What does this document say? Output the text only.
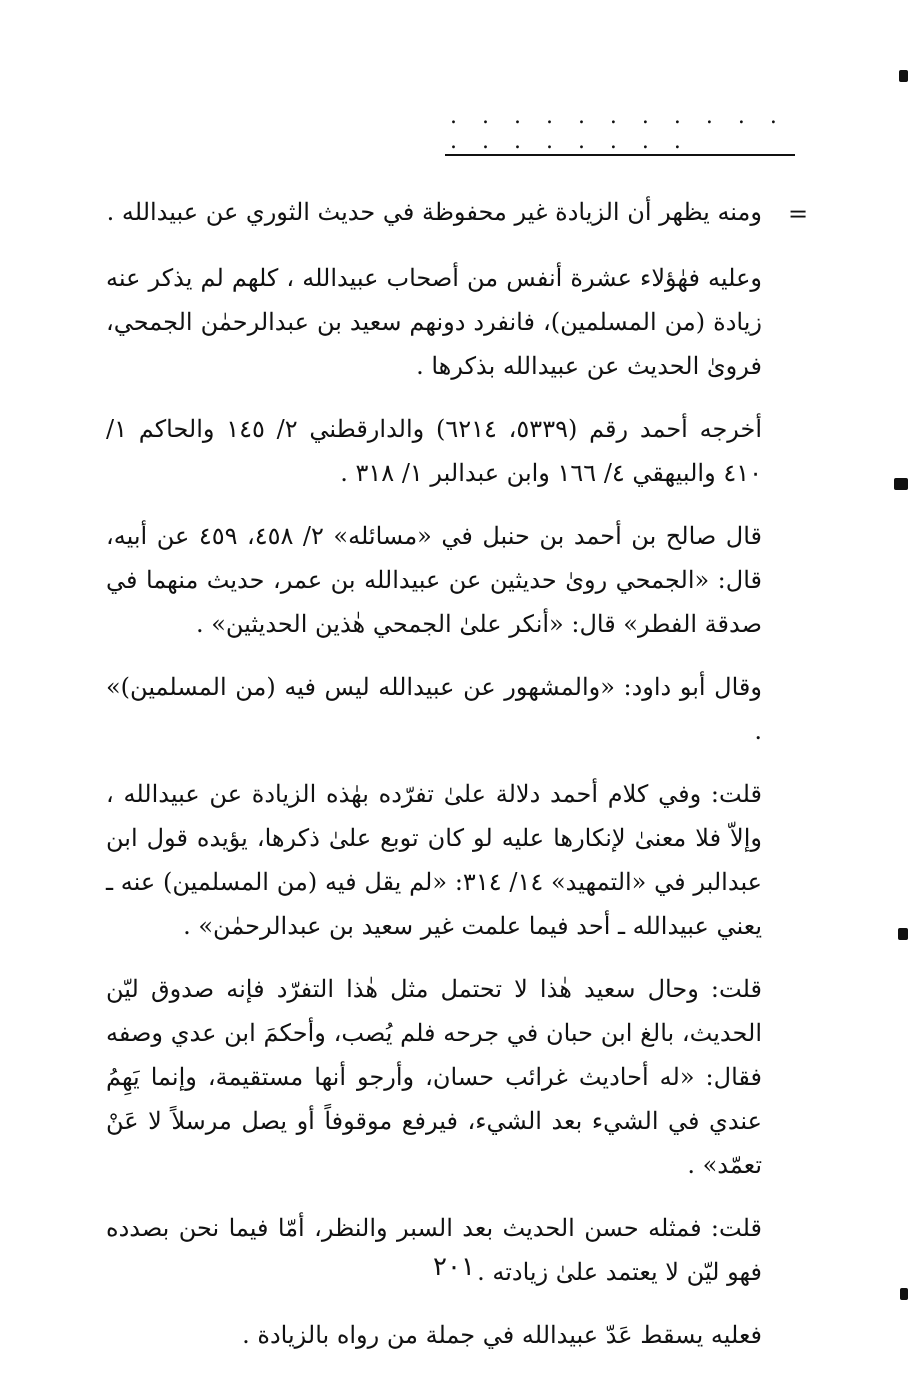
. . . . . . . . . . . . . . . . . . .
=

ومنه يظهر أن الزيادة غير محفوظة في حديث الثوري عن عبيدالله .

وعليه فهٰؤلاء عشرة أنفس من أصحاب عبيدالله ، كلهم لم يذكر عنه زيادة (من المسلمين)، فانفرد دونهم سعيد بن عبدالرحمٰن الجمحي، فروىٰ الحديث عن عبيدالله بذكرها .

أخرجه أحمد رقم (٥٣٣٩، ٦٢١٤) والدارقطني ٢/ ١٤٥ والحاكم ١/ ٤١٠ والبيهقي ٤/ ١٦٦ وابن عبدالبر ١/ ٣١٨ .

قال صالح بن أحمد بن حنبل في «مسائله» ٢/ ٤٥٨، ٤٥٩ عن أبيه، قال: «الجمحي روىٰ حديثين عن عبيدالله بن عمر، حديث منهما في صدقة الفطر» قال: «أنكر علىٰ الجمحي هٰذين الحديثين» .

وقال أبو داود: «والمشهور عن عبيدالله ليس فيه (من المسلمين)» .

قلت: وفي كلام أحمد دلالة علىٰ تفرّده بهٰذه الزيادة عن عبيدالله ، وإلاّ فلا معنىٰ لإنكارها عليه لو كان توبع علىٰ ذكرها، يؤيده قول ابن عبدالبر في «التمهيد» ١٤/ ٣١٤: «لم يقل فيه (من المسلمين) عنه ـ يعني عبيدالله ـ أحد فيما علمت غير سعيد بن عبدالرحمٰن» .

قلت: وحال سعيد هٰذا لا تحتمل مثل هٰذا التفرّد فإنه صدوق ليّن الحديث، بالغ ابن حبان في جرحه فلم يُصب، وأحكمَ ابن عدي وصفه فقال: «له أحاديث غرائب حسان، وأرجو أنها مستقيمة، وإنما يَهِمُ عندي في الشيء بعد الشيء، فيرفع موقوفاً أو يصل مرسلاً لا عَنْ تعمّد» .

قلت: فمثله حسن الحديث بعد السبر والنظر، أمّا فيما نحن بصدده فهو ليّن لا يعتمد علىٰ زيادته .

فعليه يسقط عَدّ عبيدالله في جملة من رواه بالزيادة .

٢٠١
